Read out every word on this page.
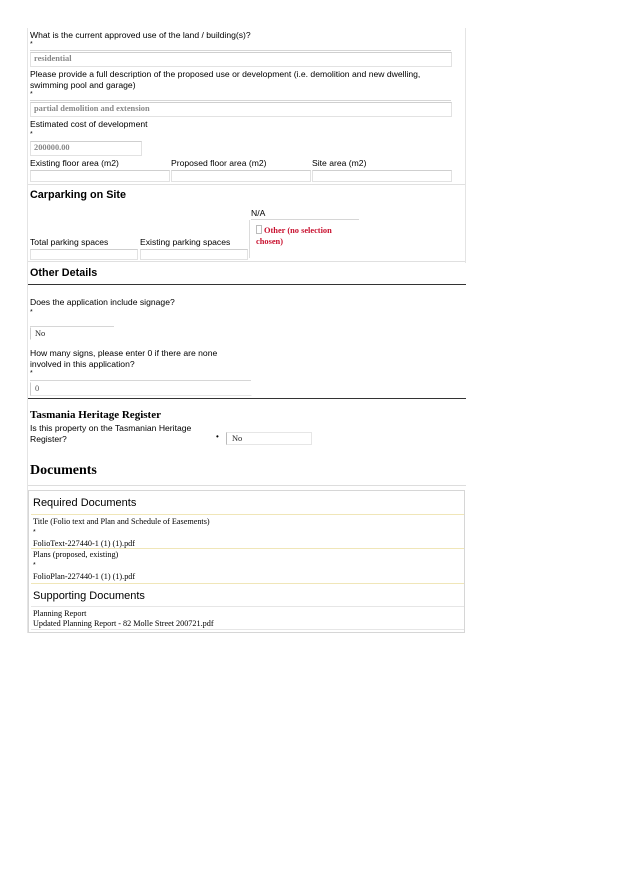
What is the current approved use of the land / building(s)?
*
residential
Please provide a full description of the proposed use or development (i.e. demolition and new dwelling, swimming pool and garage)
*
partial demolition and extension
Estimated cost of development
*
200000.00
Existing floor area (m2)	Proposed floor area (m2)	Site area (m2)
Carparking on Site
N/A
Other (no selection chosen)
Total parking spaces	Existing parking spaces
Other Details
Does the application include signage?
*
No
How many signs, please enter 0 if there are none involved in this application?
*
0
Tasmania Heritage Register
Is this property on the Tasmanian Heritage Register?	• No
Documents
Required Documents
Title (Folio text and Plan and Schedule of Easements)
*
FolioText-227440-1 (1) (1).pdf
Plans (proposed, existing)
*
FolioPlan-227440-1 (1) (1).pdf
Supporting Documents
Planning Report
Updated Planning Report - 82 Molle Street 200721.pdf
